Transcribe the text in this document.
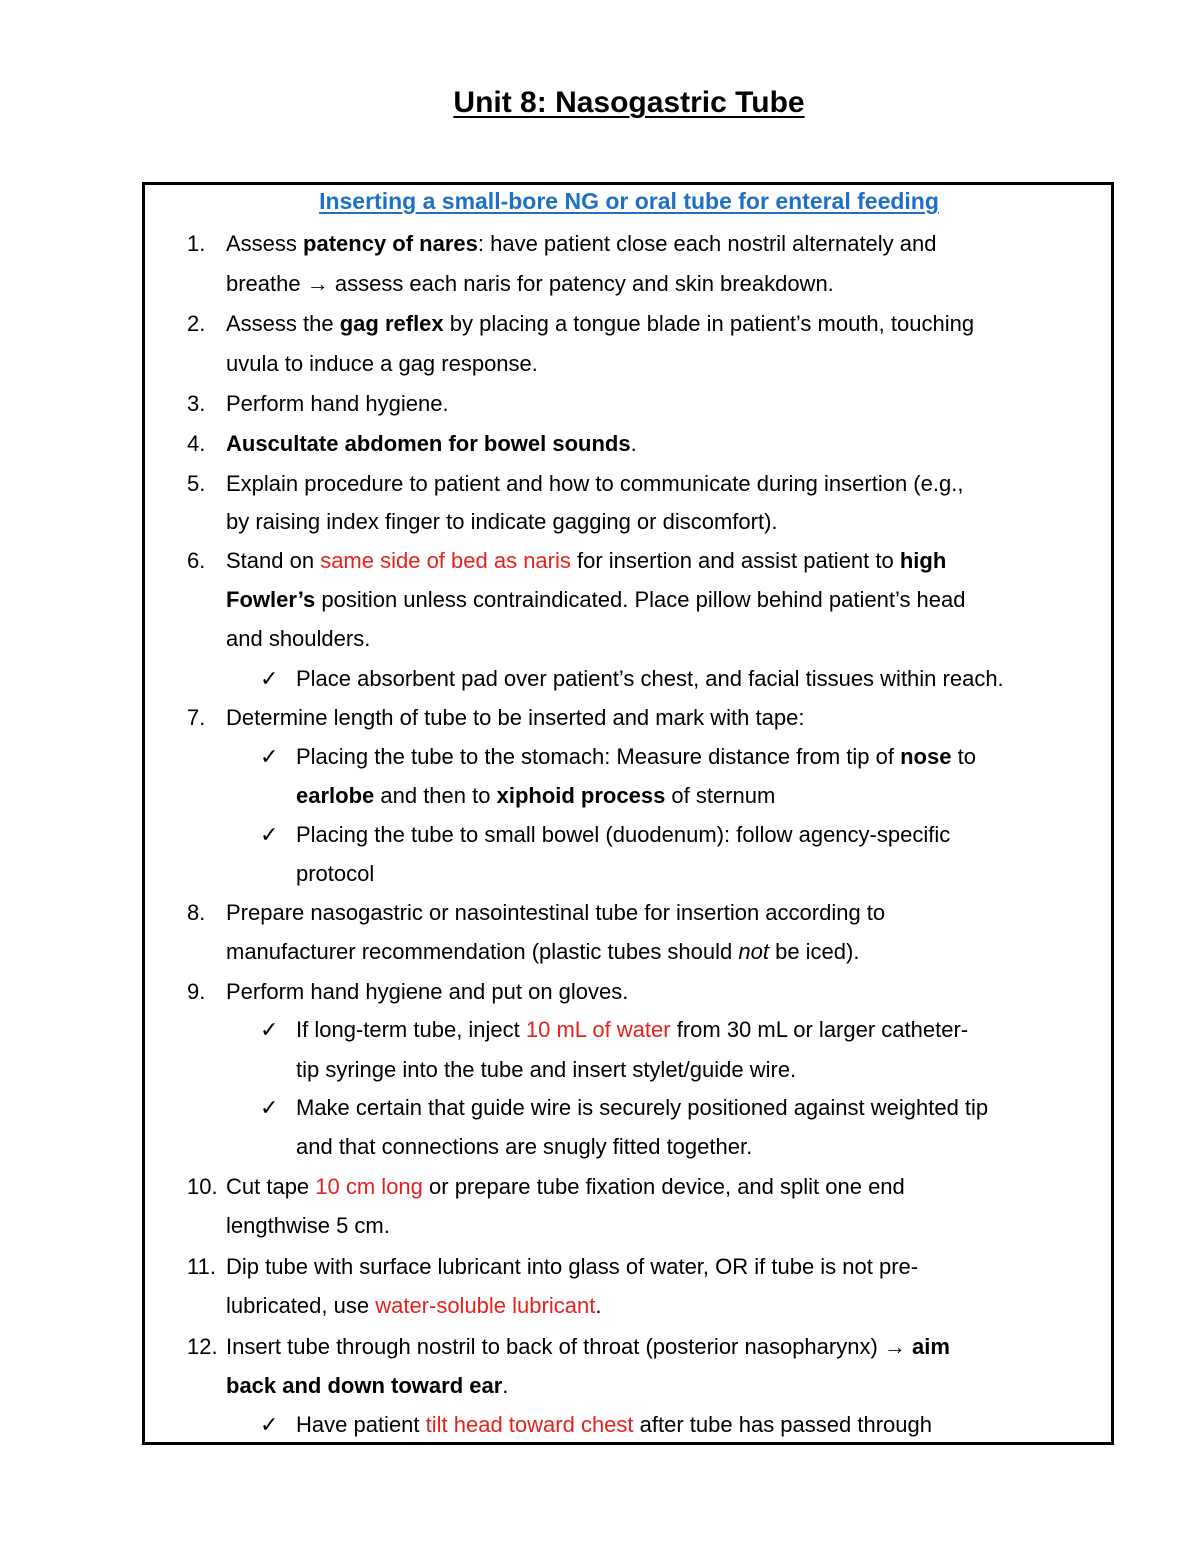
Unit 8: Nasogastric Tube
Inserting a small-bore NG or oral tube for enteral feeding
1. Assess patency of nares: have patient close each nostril alternately and
breathe → assess each naris for patency and skin breakdown.
2. Assess the gag reflex by placing a tongue blade in patient’s mouth, touching
uvula to induce a gag response.
3. Perform hand hygiene.
4. Auscultate abdomen for bowel sounds.
5. Explain procedure to patient and how to communicate during insertion (e.g.,
by raising index finger to indicate gagging or discomfort).
6. Stand on same side of bed as naris for insertion and assist patient to high
Fowler’s position unless contraindicated. Place pillow behind patient’s head
and shoulders.
✓ Place absorbent pad over patient’s chest, and facial tissues within reach.
7. Determine length of tube to be inserted and mark with tape:
✓ Placing the tube to the stomach: Measure distance from tip of nose to
earlobe and then to xiphoid process of sternum
✓ Placing the tube to small bowel (duodenum): follow agency-specific
protocol
8. Prepare nasogastric or nasointestinal tube for insertion according to
manufacturer recommendation (plastic tubes should not be iced).
9. Perform hand hygiene and put on gloves.
✓ If long-term tube, inject 10 mL of water from 30 mL or larger catheter-
tip syringe into the tube and insert stylet/guide wire.
✓ Make certain that guide wire is securely positioned against weighted tip
and that connections are snugly fitted together.
10. Cut tape 10 cm long or prepare tube fixation device, and split one end
lengthwise 5 cm.
11. Dip tube with surface lubricant into glass of water, OR if tube is not pre-
lubricated, use water-soluble lubricant.
12. Insert tube through nostril to back of throat (posterior nasopharynx) → aim
back and down toward ear.
✓ Have patient tilt head toward chest after tube has passed through
